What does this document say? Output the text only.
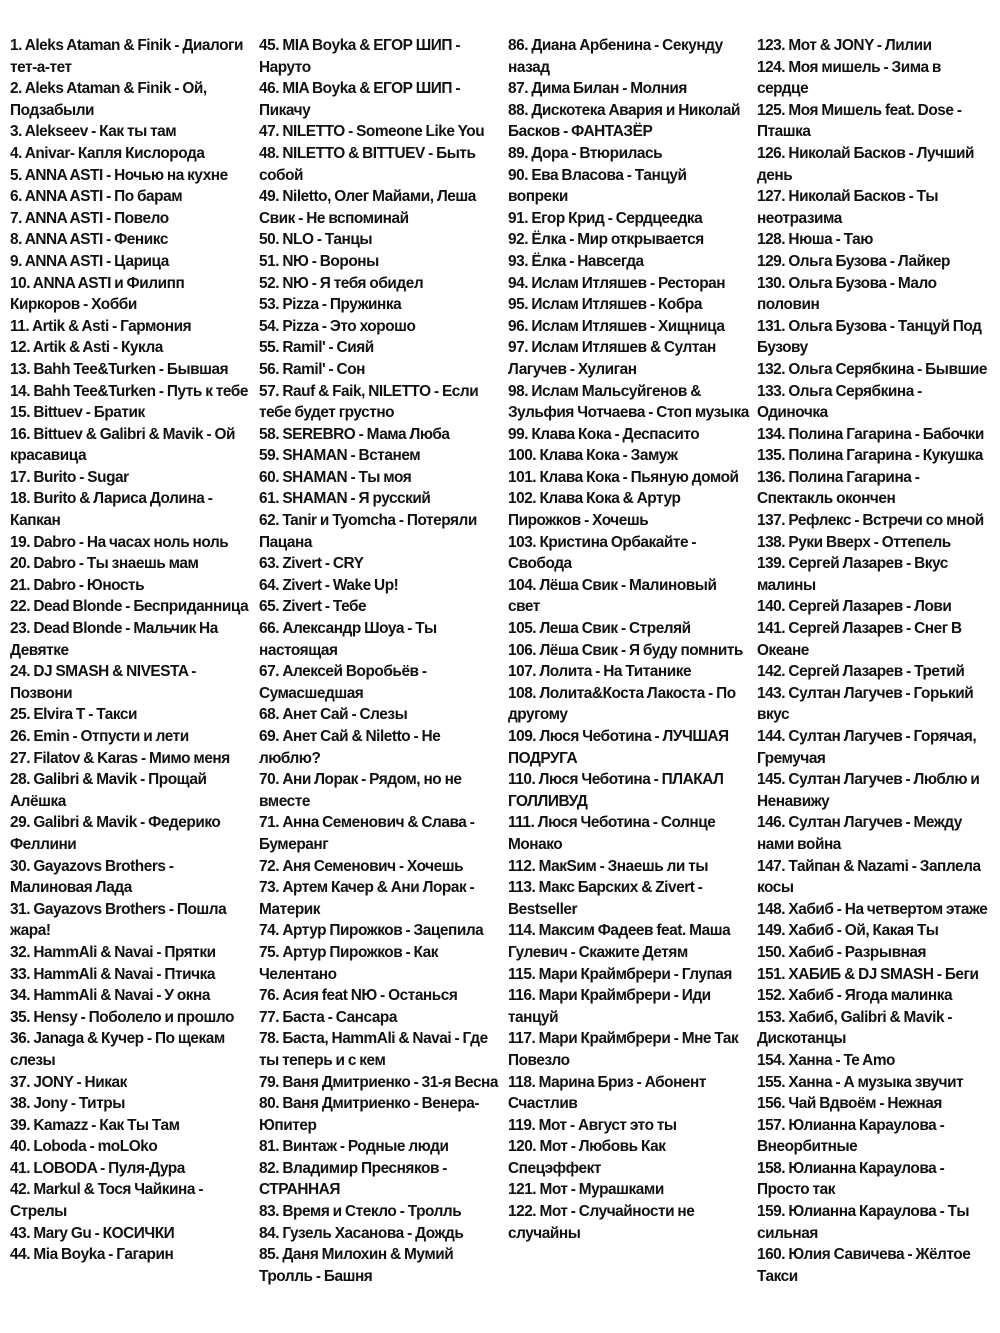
1. Aleks Ataman & Finik - Диалоги тет-а-тет
2. Aleks Ataman & Finik - Ой, Подзабыли
3. Alekseev - Как ты там
4. Anivar- Капля Кислорода
5. ANNA ASTI - Ночью на кухне
6. ANNA ASTI - По барам
7. ANNA ASTI - Повело
8. ANNA ASTI - Феникс
9. ANNA ASTI - Царица
10. ANNA ASTI и Филипп Киркоров - Хобби
11. Artik & Asti - Гармония
12. Artik & Asti - Кукла
13. Bahh Tee&Turken - Бывшая
14. Bahh Tee&Turken - Путь к тебе
15. Bittuev - Братик
16. Bittuev & Galibri & Mavik - Ой красавица
17. Burito - Sugar
18. Burito & Лариса Долина - Капкан
19. Dabro - На часах ноль ноль
20. Dabro - Ты знаешь мам
21. Dabro - Юность
22. Dead Blonde - Бесприданница
23. Dead Blonde - Мальчик На Девятке
24. DJ SMASH & NIVESTA - Позвони
25. Elvira T - Такси
26. Emin - Отпусти и лети
27. Filatov & Karas - Мимо меня
28. Galibri & Mavik - Прощай Алёшка
29. Galibri & Mavik - Федерико Феллини
30. Gayazovs Brothers - Малиновая Лада
31. Gayazovs Brothers - Пошла жара!
32. HammAli & Navai - Прятки
33. HammAli & Navai - Птичка
34. HammAli & Navai - У окна
35. Hensy - Поболело и прошло
36. Janaga & Кучер - По щекам слезы
37. JONY - Никак
38. Jony - Титры
39. Kamazz - Как Ты Там
40. Loboda - moLOko
41. LOBODA - Пуля-Дура
42. Markul & Тося Чайкина - Стрелы
43. Mary Gu - КОСИЧКИ
44. Mia Boyka - Гагарин
45. MIA Boyka & ЕГОР ШИП - Наруто
46. MIA Boyka & ЕГОР ШИП - Пикачу
47. NILETTO - Someone Like You
48. NILETTO & BITTUEV - Быть собой
49. Niletto, Олег Майами, Леша Свик - Не вспоминай
50. NLO - Танцы
51. NЮ - Вороны
52. NЮ - Я тебя обидел
53. Pizza - Пружинка
54. Pizza - Это хорошо
55. Ramil' - Сияй
56. Ramil' - Сон
57. Rauf & Faik, NILETTO - Если тебе будет грустно
58. SEREBRO - Мама Люба
59. SHAMAN - Встанем
60. SHAMAN - Ты моя
61. SHAMAN - Я русский
62. Tanir и Tyomcha - Потеряли Пацана
63. Zivert - CRY
64. Zivert - Wake Up!
65. Zivert - Тебе
66. Александр Шоуа - Ты настоящая
67. Алексей Воробьёв - Сумасшедшая
68. Анет Сай - Слезы
69. Анет Сай & Niletto - Не люблю?
70. Ани Лорак - Рядом, но не вместе
71. Анна Семенович & Слава - Бумеранг
72. Аня Семенович - Хочешь
73. Артем Качер & Ани Лорак - Материк
74. Артур Пирожков - Зацепила
75. Артур Пирожков - Как Челентано
76. Асия feat NЮ - Останься
77. Баста - Сансара
78. Баста, HammAli & Navai - Где ты теперь и с кем
79. Ваня Дмитриенко - 31-я Весна
80. Ваня Дмитриенко - Венера-Юпитер
81. Винтаж - Родные люди
82. Владимир Пресняков - СТРАННАЯ
83. Время и Стекло - Тролль
84. Гузель Хасанова - Дождь
85. Даня Милохин & Мумий Тролль - Башня
86. Диана Арбенина - Секунду назад
87. Дима Билан - Молния
88. Дискотека Авария и Николай Басков - ФАНТАЗЁР
89. Дора - Втюрилась
90. Ева Власова - Танцуй вопреки
91. Егор Крид - Сердцеедка
92. Ёлка - Мир открывается
93. Ёлка - Навсегда
94. Ислам Итляшев - Ресторан
95. Ислам Итляшев - Кобра
96. Ислам Итляшев - Хищница
97. Ислам Итляшев & Султан Лагучев - Хулиган
98. Ислам Мальсуйгенов & Зульфия Чотчаева - Стоп музыка
99. Клава Кока - Деспасито
100. Клава Кока - Замуж
101. Клава Кока - Пьяную домой
102. Клава Кока & Артур Пирожков - Хочешь
103. Кристина Орбакайте - Свобода
104. Лёша Свик - Малиновый свет
105. Леша Свик - Стреляй
106. Лёша Свик - Я буду помнить
107. Лолита - На Титанике
108. Лолита&Коста Лакоста - По другому
109. Люся Чеботина - ЛУЧШАЯ ПОДРУГА
110. Люся Чеботина - ПЛАКАЛ ГОЛЛИВУД
111. Люся Чеботина - Солнце Монако
112. МакSим - Знаешь ли ты
113. Макс Барских & Zivert - Bestseller
114. Максим Фадеев feat. Маша Гулевич - Скажите Детям
115. Мари Краймбрери - Глупая
116. Мари Краймбрери - Иди танцуй
117. Мари Краймбрери - Мне Так Повезло
118. Марина Бриз - Абонент Счастлив
119. Мот - Август это ты
120. Мот - Любовь Как Спецэффект
121. Мот - Мурашками
122. Мот - Случайности не случайны
123. Мот & JONY - Лилии
124. Моя мишель - Зима в сердце
125. Моя Мишель feat. Dose - Пташка
126. Николай Басков - Лучший день
127. Николай Басков - Ты неотразима
128. Нюша - Таю
129. Ольга Бузова - Лайкер
130. Ольга Бузова - Мало половин
131. Ольга Бузова - Танцуй Под Бузову
132. Ольга Серябкина - Бывшие
133. Ольга Серябкина - Одиночка
134. Полина Гагарина - Бабочки
135. Полина Гагарина - Кукушка
136. Полина Гагарина - Спектакль окончен
137. Рефлекс - Встречи со мной
138. Руки Вверх - Оттепель
139. Сергей Лазарев - Вкус малины
140. Сергей Лазарев - Лови
141. Сергей Лазарев - Снег В Океане
142. Сергей Лазарев - Третий
143. Султан Лагучев - Горький вкус
144. Султан Лагучев - Горячая, Гремучая
145. Султан Лагучев - Люблю и Ненавижу
146. Султан Лагучев - Между нами война
147. Тайпан & Nazami - Заплела косы
148. Хабиб - На четвертом этаже
149. Хабиб - Ой, Какая Ты
150. Хабиб - Разрывная
151. ХАБИБ & DJ SMASH - Беги
152. Хабиб - Ягода малинка
153. Хабиб, Galibri & Mavik - Дискотанцы
154. Ханна - Te Amo
155. Ханна - А музыка звучит
156. Чай Вдвоём - Нежная
157. Юлианна Караулова - Внеорбитные
158. Юлианна Караулова - Просто так
159. Юлианна Караулова - Ты сильная
160. Юлия Савичева - Жёлтое Такси
